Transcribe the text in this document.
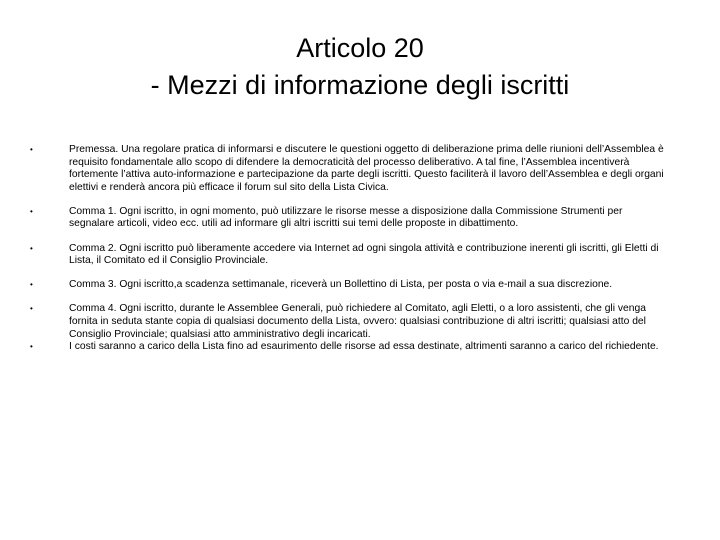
Articolo 20
- Mezzi di informazione degli iscritti
•	Premessa. Una regolare pratica di informarsi e discutere le questioni oggetto di deliberazione prima delle riunioni dell’Assemblea è requisito fondamentale allo scopo di difendere la democraticità del processo deliberativo. A tal fine, l’Assemblea incentiverà fortemente l’attiva auto-informazione e partecipazione da parte degli iscritti. Questo faciliterà il lavoro dell’Assemblea e degli organi elettivi e renderà ancora più efficace il forum sul sito della Lista Civica.
•	Comma 1. Ogni iscritto, in ogni momento, può utilizzare le risorse messe a disposizione dalla Commissione Strumenti per segnalare articoli, video ecc. utili ad informare gli altri iscritti sui temi delle proposte in dibattimento.
•	Comma 2. Ogni iscritto può liberamente accedere via Internet ad ogni singola attività e contribuzione inerenti gli iscritti, gli Eletti di Lista, il Comitato ed il Consiglio Provinciale.
•	Comma 3. Ogni iscritto,a scadenza settimanale, riceverà un Bollettino di Lista, per posta o via e-mail a sua discrezione.
•	Comma 4. Ogni iscritto, durante le Assemblee Generali, può richiedere al Comitato, agli Eletti, o a loro assistenti, che gli venga fornita in seduta stante copia di qualsiasi documento della Lista, ovvero: qualsiasi contribuzione di altri iscritti; qualsiasi atto del Consiglio Provinciale; qualsiasi atto amministrativo degli incaricati.
•	I costi saranno a carico della Lista fino ad esaurimento delle risorse ad essa destinate, altrimenti saranno a carico del richiedente.
